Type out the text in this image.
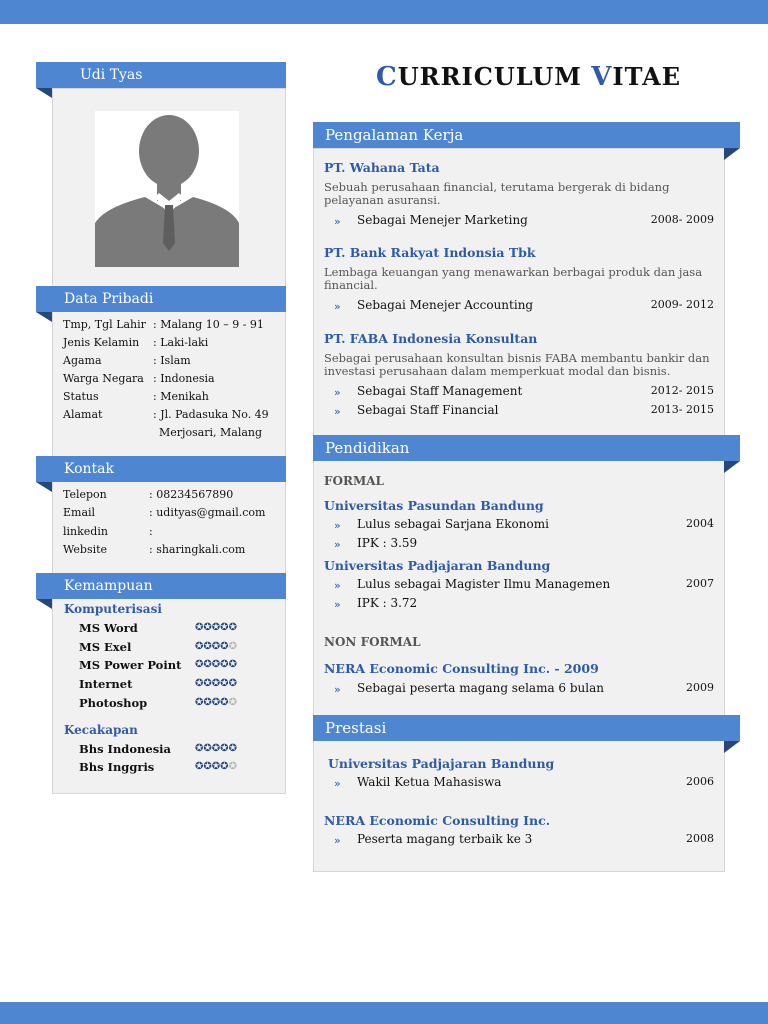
Udi Tyas
Data Pribadi
Tmp, Tgl Lahir : Malang 10 – 9 - 91
Jenis Kelamin	: Laki-laki
Agama	: Islam
Warga Negara : Indonesia
Status	: Menikah
Alamat	: Jl. Padasuka No. 49
Merjosari, Malang
Kontak
Telepon	: 08234567890
Email	: udityas@gmail.com
linkedin	:
Website	: sharingkali.com
Kemampuan
Komputerisasi
MS Word	✪✪✪✪✪
MS Exel	✪✪✪✪✪
MS Power Point ✪✪✪✪✪
Internet	✪✪✪✪✪
Photoshop	✪✪✪✪✪
Kecakapan
Bhs Indonesia ✪✪✪✪✪
Bhs Inggris	✪✪✪✪✪
CURRICULUM VITAE
Pengalaman Kerja
PT. Wahana Tata
Sebuah perusahaan financial, terutama bergerak di bidang pelayanan asuransi.
» Sebagai Menejer Marketing	2008- 2009
PT. Bank Rakyat Indonsia Tbk
Lembaga keuangan yang menawarkan berbagai produk dan jasa financial.
» Sebagai Menejer Accounting	2009- 2012
PT. FABA Indonesia Konsultan
Sebagai perusahaan konsultan bisnis FABA membantu bankir dan investasi perusahaan dalam memperkuat modal dan bisnis.
» Sebagai Staff Management	2012- 2015
» Sebagai Staff Financial	2013- 2015
Pendidikan
FORMAL
Universitas Pasundan Bandung
» Lulus sebagai Sarjana Ekonomi	2004
» IPK : 3.59
Universitas Padjajaran Bandung
» Lulus sebagai Magister Ilmu Managemen	2007
» IPK : 3.72
NON FORMAL
NERA Economic Consulting Inc. - 2009
» Sebagai peserta magang selama 6 bulan	2009
Prestasi
Universitas Padjajaran Bandung
» Wakil Ketua Mahasiswa	2006
NERA Economic Consulting Inc.
» Peserta magang terbaik ke 3	2008
